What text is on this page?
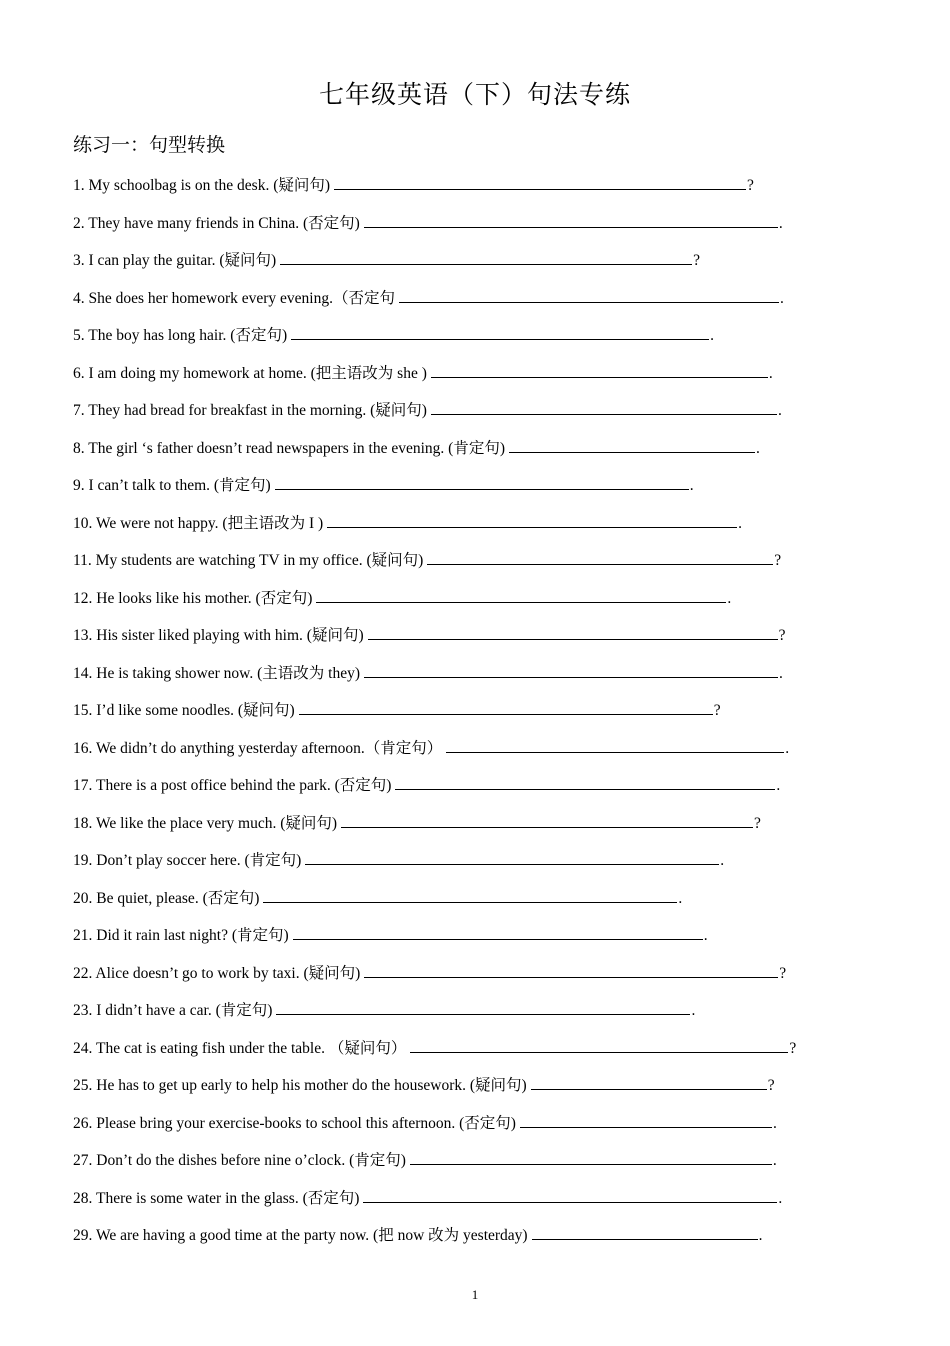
七年级英语（下）句法专练
练习一：句型转换
1. My schoolbag is on the desk. (疑问句)	?
2. They have many friends in China. (否定句)	.
3. I can play the guitar. (疑问句)	?
4. She does her homework every evening.（否定句	.
5. The boy has long hair. (否定句)	.
6. I am doing my homework at home. (把主语改为 she )	.
7. They had bread for breakfast in the morning. (疑问句)	.
8. The girl ‘s father doesn’t read newspapers in the evening. (肯定句)	.
9. I can’t talk to them. (肯定句)	.
10. We were not happy. (把主语改为 I )	.
11. My students are watching TV in my office. (疑问句)	?
12. He looks like his mother. (否定句)	.
13. His sister liked playing with him. (疑问句)	?
14. He is taking shower now. (主语改为 they)	.
15. I’d like some noodles. (疑问句)	?
16. We didn’t do anything yesterday afternoon.（肯定句）	.
17. There is a post office behind the park. (否定句)	.
18. We like the place very much. (疑问句)	?
19. Don’t play soccer here. (肯定句)	.
20. Be quiet, please. (否定句)	.
21. Did it rain last night? (肯定句)	.
22. Alice doesn’t go to work by taxi. (疑问句)	?
23. I didn’t have a car. (肯定句)	.
24. The cat is eating fish under the table. （疑问句）	?
25. He has to get up early to help his mother do the housework. (疑问句)	?
26. Please bring your exercise-books to school this afternoon. (否定句)	.
27. Don’t do the dishes before nine o’clock. (肯定句)	.
28. There is some water in the glass. (否定句)	.
29. We are having a good time at the party now. (把 now 改为 yesterday)	.
1
